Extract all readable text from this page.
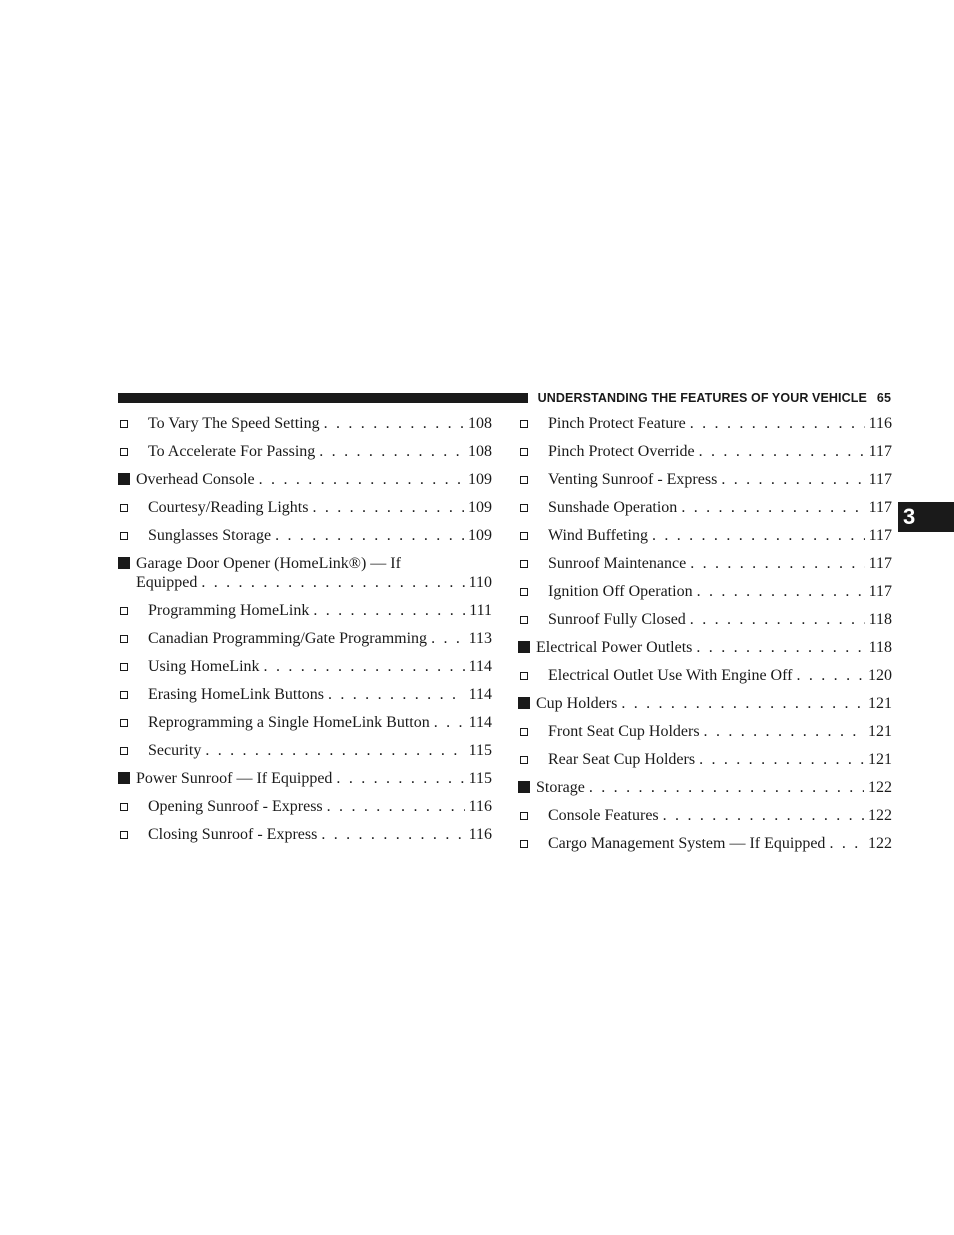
UNDERSTANDING THE FEATURES OF YOUR VEHICLE 65
3
To Vary The Speed Setting . . .	108
To Accelerate For Passing . . .	108
Overhead Console . . .	109
Courtesy/Reading Lights . . .	109
Sunglasses Storage . . .	109
Garage Door Opener (HomeLink®) — If
Equipped . . .	110
Programming HomeLink . . .	111
Canadian Programming/Gate Programming . . .	113
Using HomeLink . . .	114
Erasing HomeLink Buttons . . .	114
Reprogramming a Single HomeLink Button . . . 114
Security . . .	115
Power Sunroof — If Equipped . . .	115
Opening Sunroof - Express . . .	116
Closing Sunroof - Express . . .	116
Pinch Protect Feature . . .	116
Pinch Protect Override . . .	117
Venting Sunroof - Express . . .	117
Sunshade Operation . . .	117
Wind Buffeting . . .	117
Sunroof Maintenance . . .	117
Ignition Off Operation . . .	117
Sunroof Fully Closed . . .	118
Electrical Power Outlets . . .	118
Electrical Outlet Use With Engine Off . . .	120
Cup Holders . . .	121
Front Seat Cup Holders . . .	121
Rear Seat Cup Holders . . .	121
Storage . . .	122
Console Features . . .	122
Cargo Management System — If Equipped . . .	122
